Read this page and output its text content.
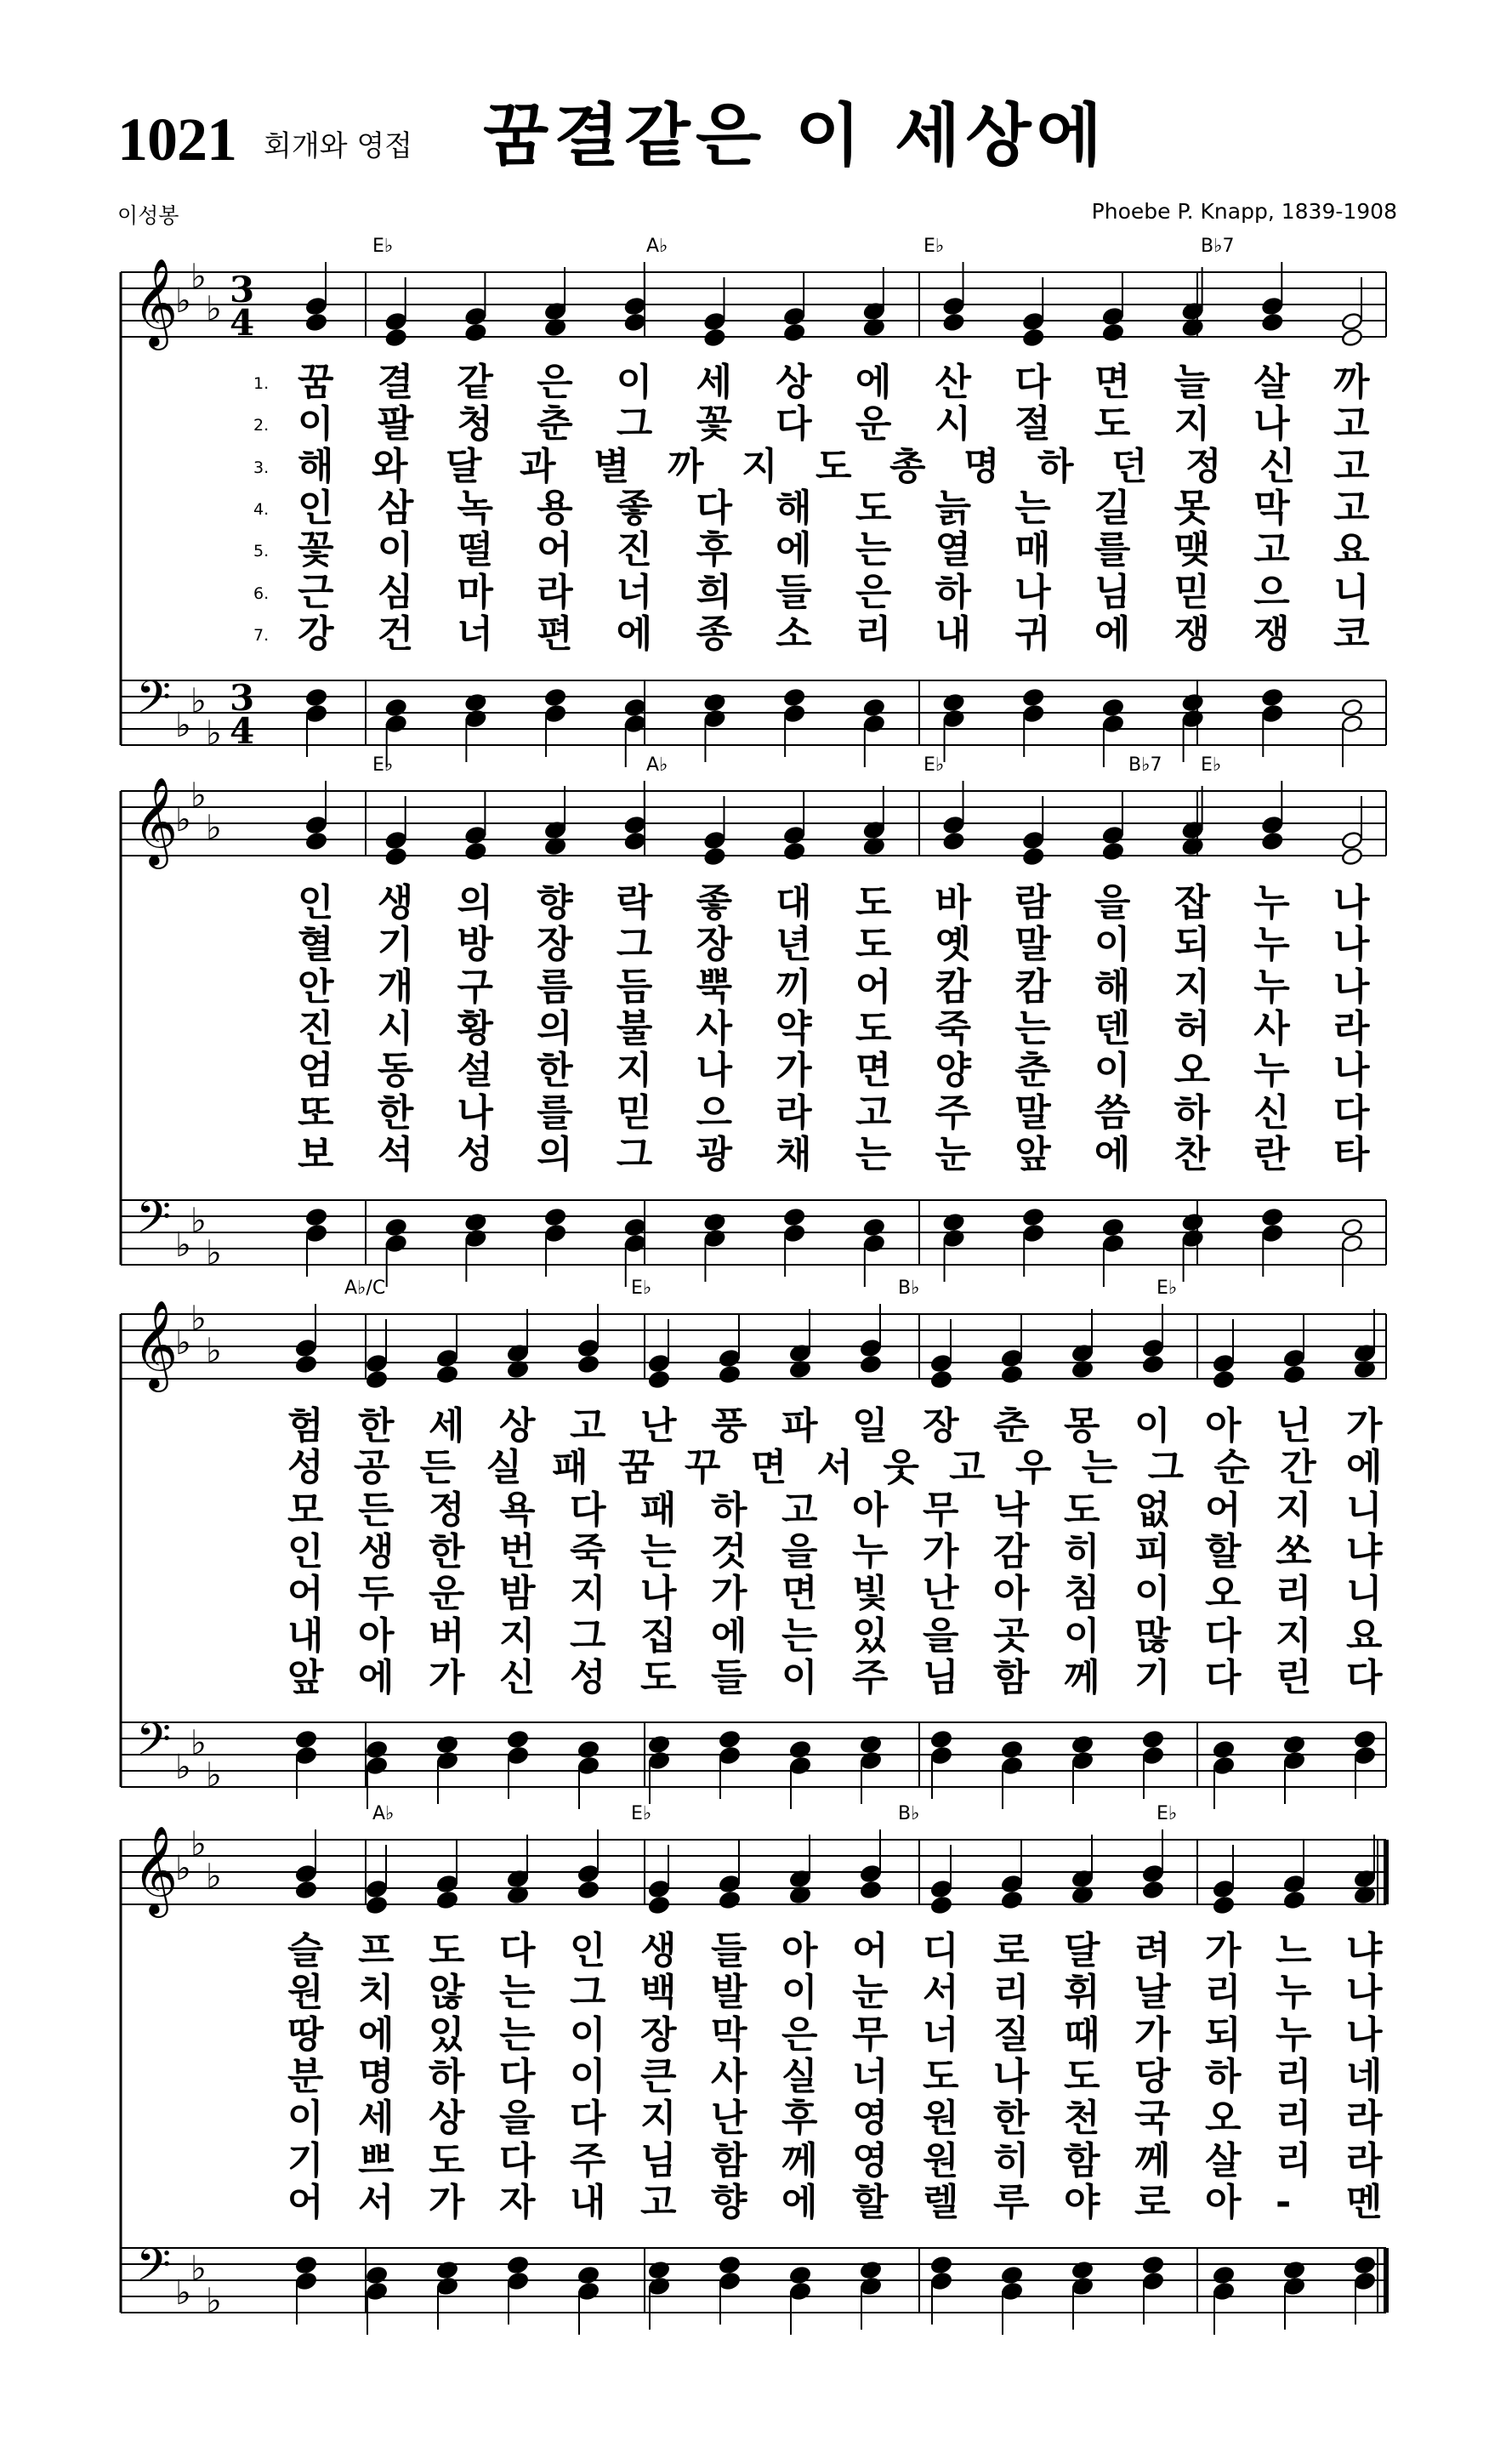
1021 회개와 영접 꿈결같은 이 세상에
이성봉	Phoebe P. Knapp, 1839-1908
E♭	A♭	E♭	B♭7
𝄞
♭
♭
♭ 3
4
𝄢 ♭
♭
♭
3
4
E♭	A♭	E♭	B♭7 E♭
𝄞
♭
♭
♭
𝄢 ♭
♭
♭
A♭/C	E♭	B♭	E♭
𝄞
♭
♭
♭
𝄢 ♭
♭
♭
A♭	E♭	B♭	E♭
𝄞
♭
♭
♭
𝄢 ♭
♭
♭
1. 꿈 결 같 은 이 세 상 에 산 다 면 늘 살 까
2. 이 팔 청 춘 그 꽃 다 운 시 절 도 지 나 고
3. 해 와 달 과 별 까 지 도 총 명 하 던 정 신 고
4. 인 삼 녹 용 좋 다 해 도 늙 는 길 못 막 고
5. 꽃 이 떨 어 진 후 에 는 열 매 를 맺 고 요
6. 근 심 마 라 너 희 들 은 하 나 님 믿 으 니
7. 강 건 너 편 에 종 소 리 내 귀 에 쟁 쟁 코
인 생 의 향 락 좋 대 도 바 람 을 잡 누 나
혈 기 방 장 그 장 년 도 옛 말 이 되 누 나
안 개 구 름 듬 뿍 끼 어 캄 캄 해 지 누 나
진 시 황 의 불 사 약 도 죽 는 덴 허 사 라
엄 동 설 한 지 나 가 면 양 춘 이 오 누 나
또 한 나 를 믿 으 라 고 주 말 씀 하 신 다
보 석 성 의 그 광 채 는 눈 앞 에 찬 란 타
험 한 세 상 고 난 풍 파 일 장 춘 몽 이 아 닌 가
성 공 든 실 패 꿈 꾸 면 서 웃 고 우 는 그 순 간 에
모 든 정 욕 다 패 하 고 아 무 낙 도 없 어 지 니
인 생 한 번 죽 는 것 을 누 가 감 히 피 할 쏘 냐
어 두 운 밤 지 나 가 면 빛 난 아 침 이 오 리 니
내 아 버 지 그 집 에 는 있 을 곳 이 많 다 지 요
앞 에 가 신 성 도 들 이 주 님 함 께 기 다 린 다
슬 프 도 다 인 생 들 아 어 디 로 달 려 가 느 냐
원 치 않 는 그 백 발 이 눈 서 리 휘 날 리 누 나
땅 에 있 는 이 장 막 은 무 너 질 때 가 되 누 나
분 명 하 다 이 큰 사 실 너 도 나 도 당 하 리 네
이 세 상 을 다 지 난 후 영 원 한 천 국 오 리 라
기 쁘 도 다 주 님 함 께 영 원 히 함 께 살 리 라
어 서 가 자 내 고 향 에 할 렐 루 야 로 아 - 멘
